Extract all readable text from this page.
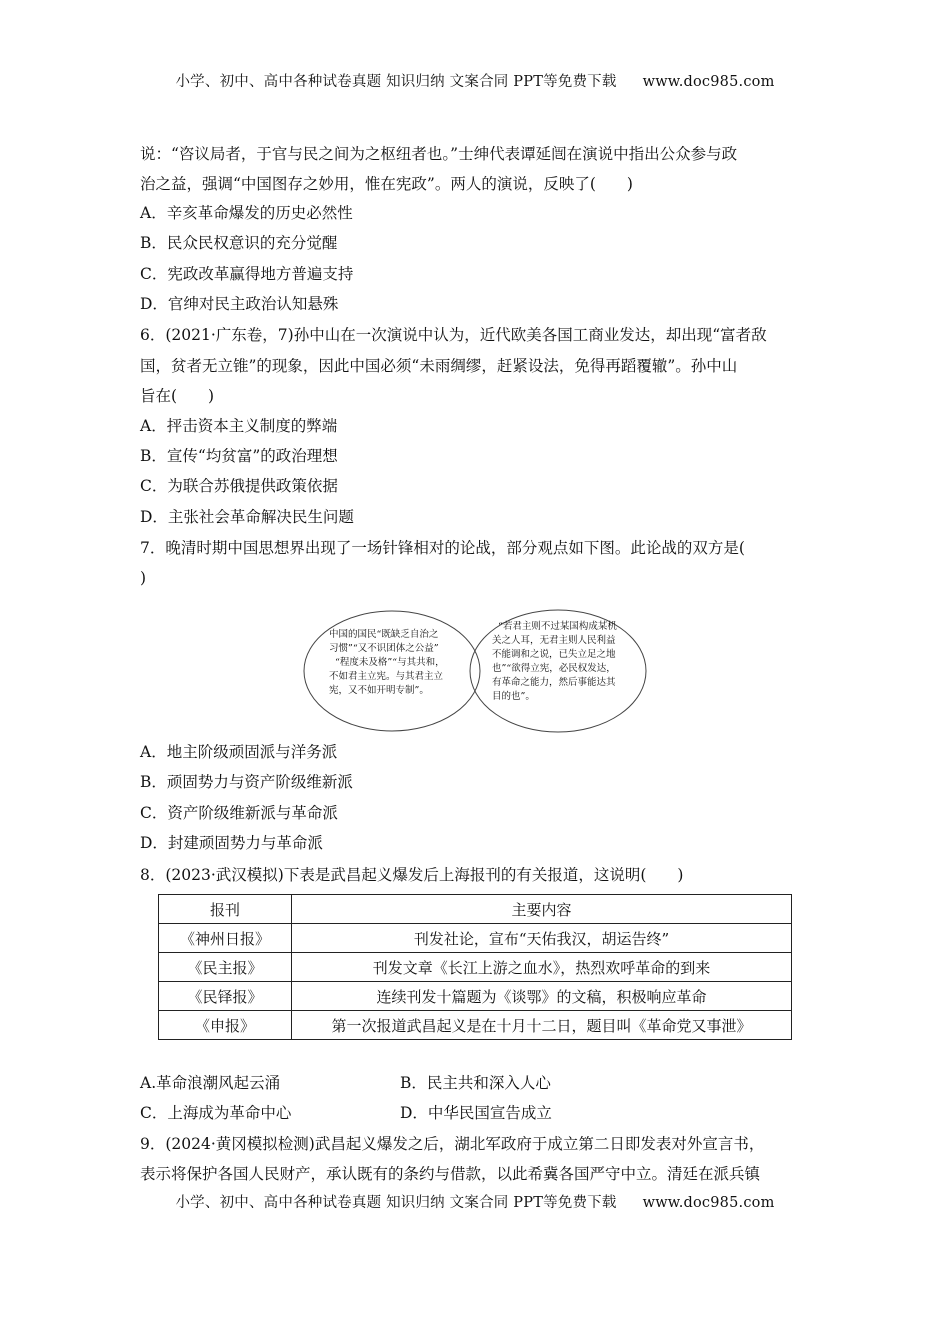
小学、初中、高中各种试卷真题 知识归纳 文案合同 PPT等免费下载 www.doc985.com
说：“咨议局者，于官与民之间为之枢纽者也。”士绅代表谭延闿在演说中指出公众参与政
治之益，强调“中国图存之妙用，惟在宪政”。两人的演说，反映了(　　)
A．辛亥革命爆发的历史必然性
B．民众民权意识的充分觉醒
C．宪政改革赢得地方普遍支持
D．官绅对民主政治认知悬殊
6．(2021·广东卷，7)孙中山在一次演说中认为，近代欧美各国工商业发达，却出现“富者敌
国，贫者无立锥”的现象，因此中国必须“未雨绸缪，赶紧设法，免得再蹈覆辙”。孙中山
旨在(　　)
A．抨击资本主义制度的弊端
B．宣传“均贫富”的政治理想
C．为联合苏俄提供政策依据
D．主张社会革命解决民生问题
7．晚清时期中国思想界出现了一场针锋相对的论战，部分观点如下图。此论战的双方是(
)
中国的国民“既缺乏自治之
习惯”“又不识团体之公益”
“程度未及格”“与其共和，
不如君主立宪。与其君主立
宪，又不如开明专制”。
“若君主则不过某国构成某机
关之人耳，无君主则人民利益
不能调和之说，已失立足之地
也”“欲得立宪，必民权发达，
有革命之能力，然后事能达其
目的也”。
A．地主阶级顽固派与洋务派
B．顽固势力与资产阶级维新派
C．资产阶级维新派与革命派
D．封建顽固势力与革命派
8．(2023·武汉模拟)下表是武昌起义爆发后上海报刊的有关报道，这说明(　　)
报刊	主要内容
《神州日报》	刊发社论，宣布“天佑我汉，胡运告终”
《民主报》	刊发文章《长江上游之血水》，热烈欢呼革命的到来
《民铎报》	连续刊发十篇题为《谈鄂》的文稿，积极响应革命
《申报》	第一次报道武昌起义是在十月十二日，题目叫《革命党又事泄》
A.革命浪潮风起云涌	B．民主共和深入人心
C．上海成为革命中心	D．中华民国宣告成立
9．(2024·黄冈模拟检测)武昌起义爆发之后，湖北军政府于成立第二日即发表对外宣言书，
表示将保护各国人民财产，承认既有的条约与借款，以此希冀各国严守中立。清廷在派兵镇
小学、初中、高中各种试卷真题 知识归纳 文案合同 PPT等免费下载 www.doc985.com
